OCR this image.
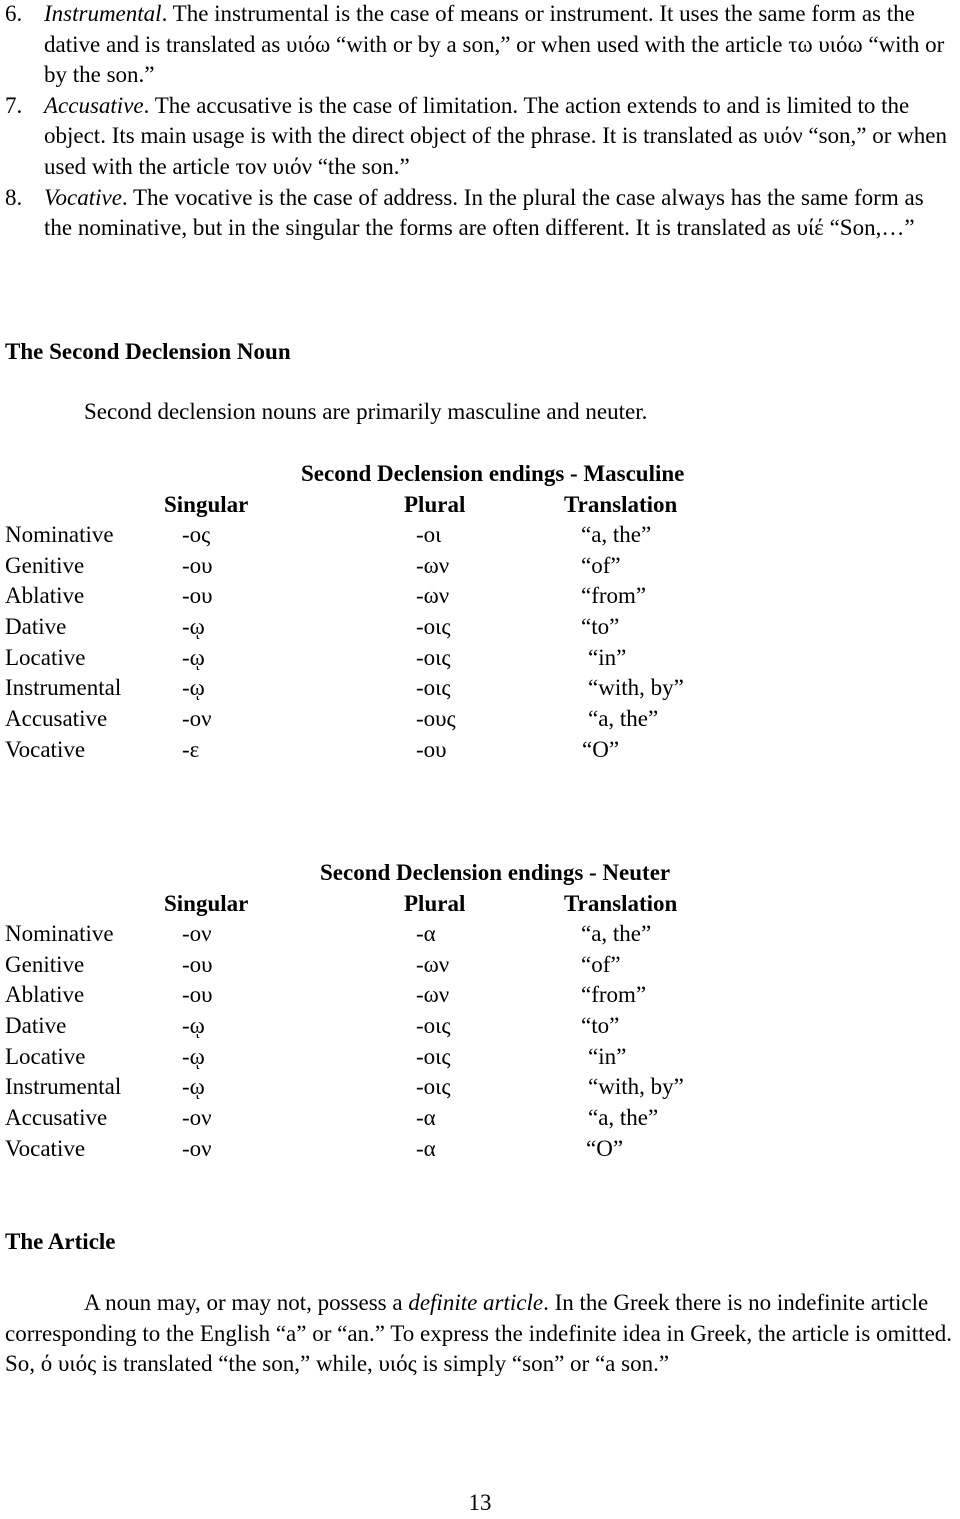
6. Instrumental. The instrumental is the case of means or instrument. It uses the same form as the dative and is translated as υιόω “with or by a son,” or when used with the article τω υιόω “with or by the son.”
7. Accusative. The accusative is the case of limitation. The action extends to and is limited to the object. Its main usage is with the direct object of the phrase. It is translated as υιόν “son,” or when used with the article τον υιόν “the son.”
8. Vocative. The vocative is the case of address. In the plural the case always has the same form as the nominative, but in the singular the forms are often different. It is translated as υίέ “Son,…”
The Second Declension Noun
Second declension nouns are primarily masculine and neuter.
Second Declension endings - Masculine
Singular	Plural	Translation
Nominative	-ος	-οι	“a, the”
Genitive	-ου	-ων	“of”
Ablative	-ου	-ων	“from”
Dative	-ῳ	-οις	“to”
Locative	-ῳ	-οις	“in”
Instrumental	-ῳ	-οις	“with, by”
Accusative	-ον	-ους	“a, the”
Vocative	-ε	-ου	“O”
Second Declension endings - Neuter
Singular	Plural	Translation
Nominative	-ον	-α	“a, the”
Genitive	-ου	-ων	“of”
Ablative	-ου	-ων	“from”
Dative	-ῳ	-οις	“to”
Locative	-ῳ	-οις	“in”
Instrumental	-ῳ	-οις	“with, by”
Accusative	-ον	-α	“a, the”
Vocative	-ον	-α	“O”
The Article
A noun may, or may not, possess a definite article. In the Greek there is no indefinite article corresponding to the English “a” or “an.” To express the indefinite idea in Greek, the article is omitted. So, ό υιός is translated “the son,” while, υιός is simply “son” or “a son.”
13
